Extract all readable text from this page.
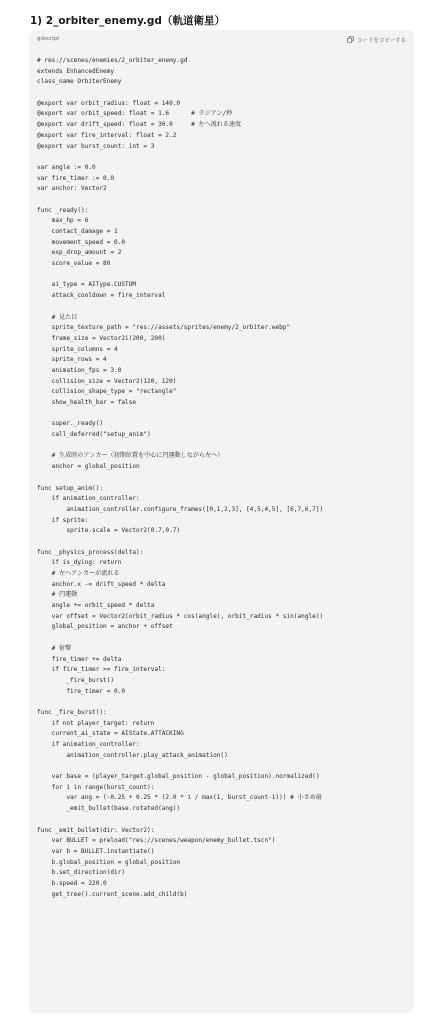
1) 2_orbiter_enemy.gd（軌道衛星）
gdscript	コードをコピーする
# res://scenes/enemies/2_orbiter_enemy.gd
extends EnhancedEnemy
class_name OrbiterEnemy
@export var orbit_radius: float = 140.0
@export var orbit_speed: float = 1.6      # ラジアン/秒
@export var drift_speed: float = 30.0     # 左へ流れる速度
@export var fire_interval: float = 2.2
@export var burst_count: int = 3
var angle := 0.0
var fire_timer := 0.0
var anchor: Vector2
func _ready():
max_hp = 6
contact_damage = 1
movement_speed = 0.0
exp_drop_amount = 2
score_value = 80
ai_type = AIType.CUSTOM
attack_cooldown = fire_interval
# 見た目
sprite_texture_path = "res://assets/sprites/enemy/2_orbiter.webp"
frame_size = Vector2i(200, 200)
sprite_columns = 4
sprite_rows = 4
animation_fps = 3.0
collision_size = Vector2(120, 120)
collision_shape_type = "rectangle"
show_health_bar = false
super._ready()
call_deferred("setup_anim")
# 生成時のアンカー（初期位置を中心に円運動しながら左へ）
anchor = global_position
func setup_anim():
if animation_controller:
animation_controller.configure_frames([0,1,2,3], [4,5,4,5], [6,7,6,7])
if sprite:
sprite.scale = Vector2(0.7,0.7)
func _physics_process(delta):
if is_dying: return
# 左へアンカーが流れる
anchor.x -= drift_speed * delta
# 円運動
angle += orbit_speed * delta
var offset = Vector2(orbit_radius * cos(angle), orbit_radius * sin(angle))
global_position = anchor + offset
# 射撃
fire_timer += delta
if fire_timer >= fire_interval:
_fire_burst()
fire_timer = 0.0
func _fire_burst():
if not player_target: return
current_ai_state = AIState.ATTACKING
if animation_controller:
animation_controller.play_attack_animation()
var base = (player_target.global_position - global_position).normalized()
for i in range(burst_count):
var ang = (-0.25 + 0.25 * (2.0 * i / max(1, burst_count-1))) # 小さめ扇
_emit_bullet(base.rotated(ang))
func _emit_bullet(dir: Vector2):
var BULLET = preload("res://scenes/weapon/enemy_bullet.tscn")
var b = BULLET.instantiate()
b.global_position = global_position
b.set_direction(dir)
b.speed = 220.0
get_tree().current_scene.add_child(b)
